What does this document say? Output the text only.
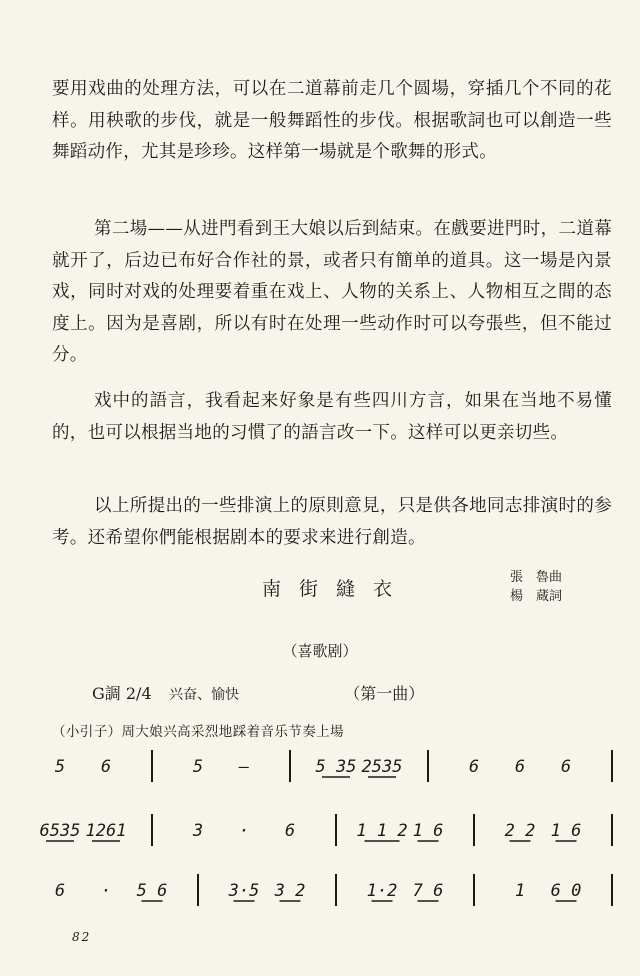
要用戏曲的处理方法，可以在二道幕前走几个圆場，穿插几个不同的花样。用秧歌的步伐，就是一般舞蹈性的步伐。根据歌詞也可以創造一些舞蹈动作，尤其是珍珍。这样第一場就是个歌舞的形式。

第二場——从进門看到王大娘以后到結束。在戲要进門时，二道幕就开了，后边已布好合作社的景，或者只有簡单的道具。这一場是內景戏，同时对戏的处理要着重在戏上、人物的关系上、人物相互之間的态度上。因为是喜剧，所以有时在处理一些动作时可以夸張些，但不能过分。

戏中的語言，我看起来好象是有些四川方言，如果在当地不易懂的，也可以根据当地的习慣了的語言改一下。这样可以更亲切些。

以上所提出的一些排演上的原則意見，只是供各地同志排演时的参考。还希望你們能根据剧本的要求来进行創造。

南街縫衣
張　魯曲
楊　蔵詞
（喜歌剧）
G調 2/4 兴奋、愉快	（第一曲）
（小引子）周大娘兴高采烈地踩着音乐节奏上場
5 6	5 —	5 35 2535	6 6 6
6535 1261	3 · 6	1 1 2 1 6	2 2 1 6
6 · 5 6	3·5 3 2	1·2 7 6	1 6 0
82
